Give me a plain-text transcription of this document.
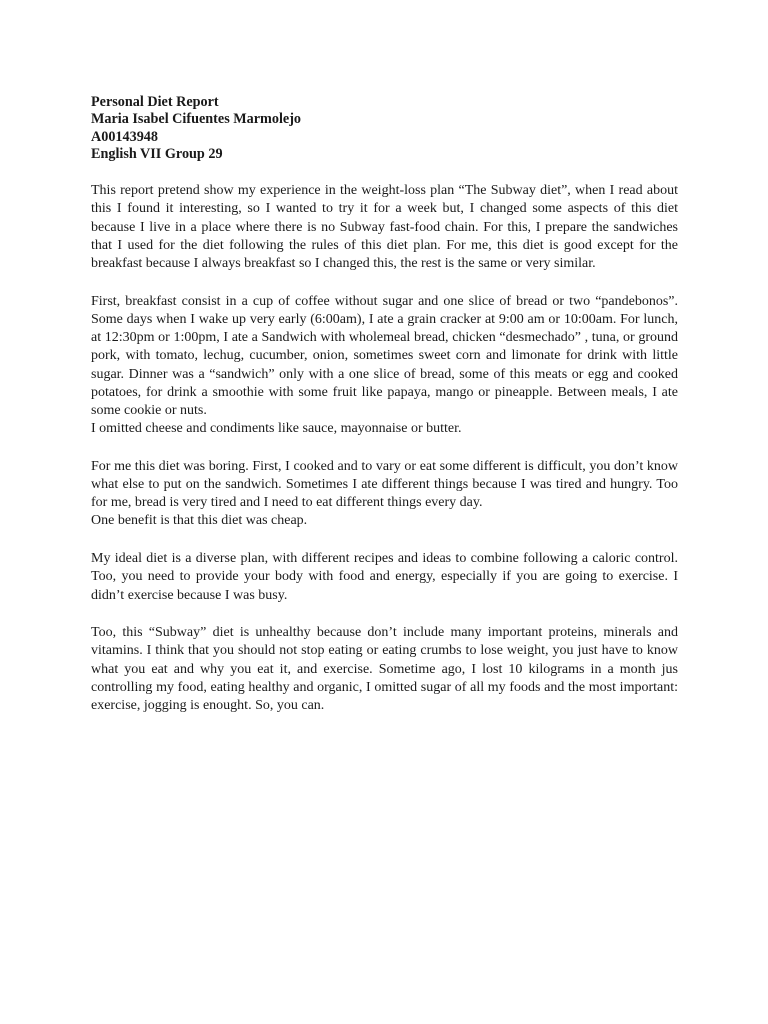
Personal Diet Report
Maria Isabel Cifuentes Marmolejo
A00143948
English VII Group 29

This report pretend show my experience in the weight-loss plan “The Subway diet”, when I read about this I found it interesting, so I wanted to try it for a week but, I changed some aspects of this diet because I live in a place where there is no Subway fast-food chain. For this, I prepare the sandwiches that I used for the diet following the rules of this diet plan. For me, this diet is good except for the breakfast because I always breakfast so I changed this, the rest is the same or very similar.

First, breakfast consist in a cup of coffee without sugar and one slice of bread or two “pandebonos”. Some days when I wake up very early (6:00am), I ate a grain cracker at 9:00 am or 10:00am. For lunch, at 12:30pm or 1:00pm, I ate a Sandwich with wholemeal bread, chicken “desmechado” , tuna, or ground pork, with tomato, lechug, cucumber, onion, sometimes sweet corn and limonate for drink with little sugar. Dinner was a “sandwich” only with a one slice of bread, some of this meats or egg and cooked potatoes, for drink a smoothie with some fruit like papaya, mango or pineapple. Between meals, I ate some cookie or nuts.

I omitted cheese and condiments like sauce, mayonnaise or butter.

For me this diet was boring. First, I cooked and to vary or eat some different is difficult, you don’t know what else to put on the sandwich. Sometimes I ate different things because I was tired and hungry. Too for me, bread is very tired and I need to eat different things every day.

One benefit is that this diet was cheap.

My ideal diet is a diverse plan, with different recipes and ideas to combine following a caloric control. Too, you need to provide your body with food and energy, especially if you are going to exercise. I didn’t exercise because I was busy.

Too, this “Subway” diet is unhealthy because don’t include many important proteins, minerals and vitamins. I think that you should not stop eating or eating crumbs to lose weight, you just have to know what you eat and why you eat it, and exercise. Sometime ago, I lost 10 kilograms in a month jus controlling my food, eating healthy and organic, I omitted sugar of all my foods and the most important: exercise, jogging is enought. So, you can.
